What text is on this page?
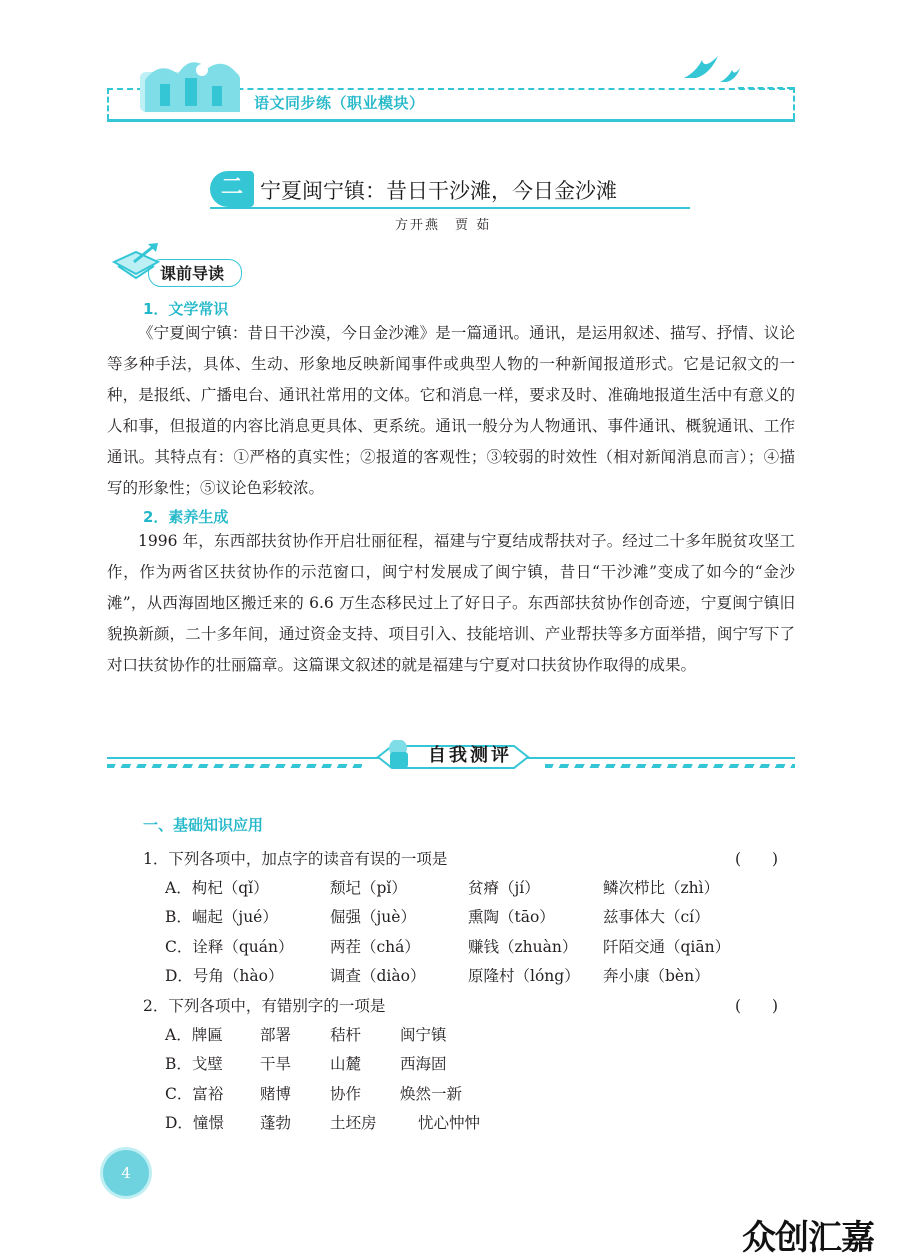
语文同步练（职业模块）
二 宁夏闽宁镇：昔日干沙滩，今日金沙滩
方开燕　贾 茹
课前导读
1．文学常识

《宁夏闽宁镇：昔日干沙漠，今日金沙滩》是一篇通讯。通讯，是运用叙述、描写、抒情、议论等多种手法，具体、生动、形象地反映新闻事件或典型人物的一种新闻报道形式。它是记叙文的一种，是报纸、广播电台、通讯社常用的文体。它和消息一样，要求及时、准确地报道生活中有意义的人和事，但报道的内容比消息更具体、更系统。通讯一般分为人物通讯、事件通讯、概貌通讯、工作通讯。其特点有：①严格的真实性；②报道的客观性；③较弱的时效性（相对新闻消息而言）；④描写的形象性；⑤议论色彩较浓。

2．素养生成

1996 年，东西部扶贫协作开启壮丽征程，福建与宁夏结成帮扶对子。经过二十多年脱贫攻坚工作，作为两省区扶贫协作的示范窗口，闽宁村发展成了闽宁镇，昔日“干沙滩”变成了如今的“金沙滩”，从西海固地区搬迁来的 6.6 万生态移民过上了好日子。东西部扶贫协作创奇迹，宁夏闽宁镇旧貌换新颜，二十多年间，通过资金支持、项目引入、技能培训、产业帮扶等多方面举措，闽宁写下了对口扶贫协作的壮丽篇章。这篇课文叙述的就是福建与宁夏对口扶贫协作取得的成果。

自我测评
一、基础知识应用
1．下列各项中，加点字的读音有误的一项是	(　　)
A．枸杞（qǐ）	颓圮（pǐ）	贫瘠（jí）	鳞次栉比（zhì）
B．崛起（jué）	倔强（juè）	熏陶（tāo）	兹事体大（cí）
C．诠释（quán） 两茬（chá）	赚钱（zhuàn） 阡陌交通（qiān）
D．号角（hào）	调查（diào）	原隆村（lóng） 奔小康（bèn）
2．下列各项中，有错别字的一项是	(　　)
A．牌匾 部署	秸杆	闽宁镇
B．戈壁 干旱	山麓	西海固
C．富裕 赌博	协作	焕然一新
D．憧憬 蓬勃	土坯房	忧心忡忡
4
众创汇嘉
